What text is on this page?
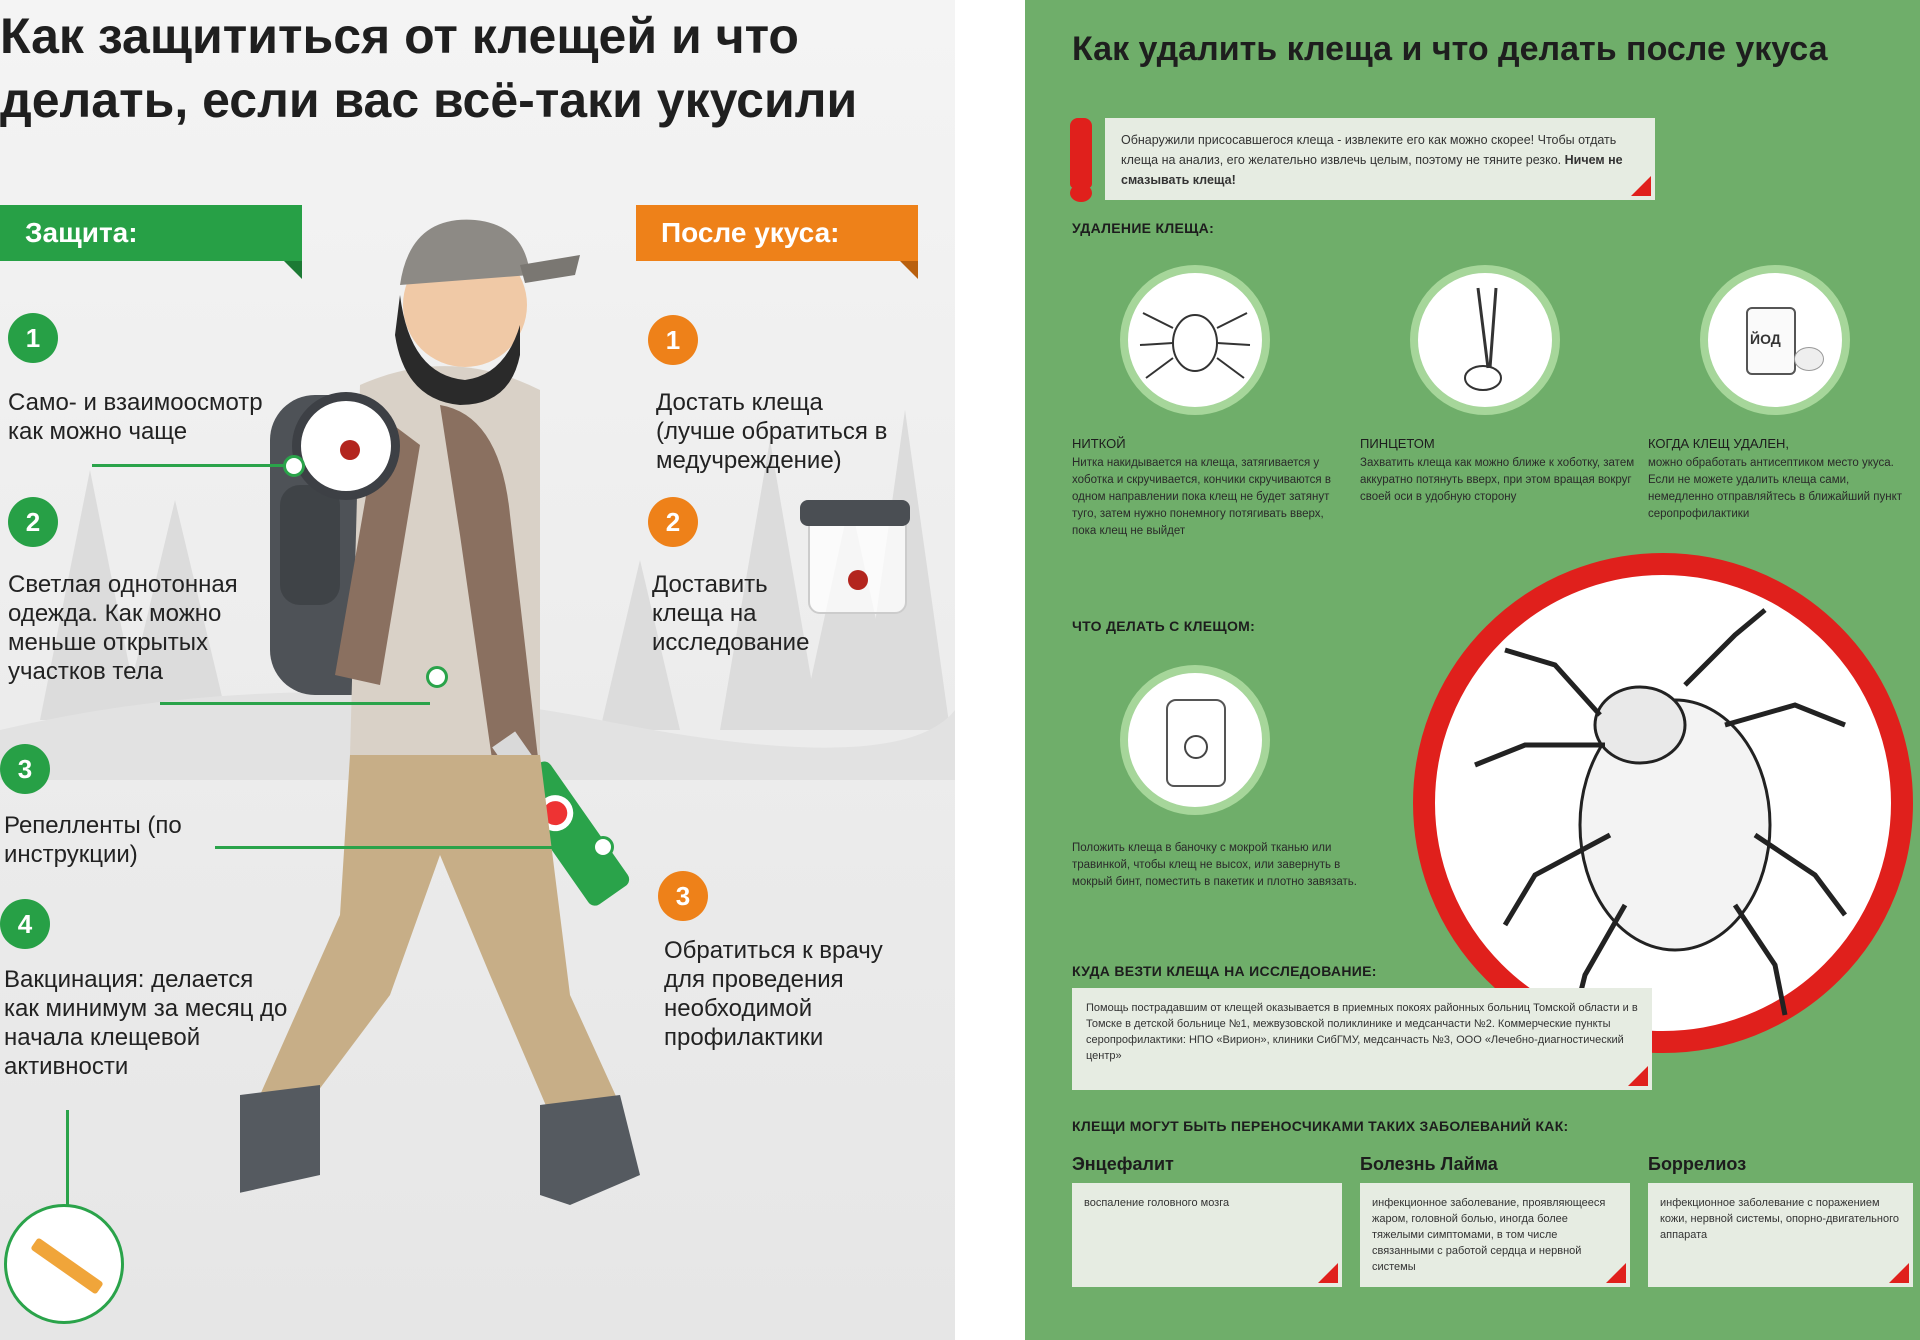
Как защититься от клещей и что делать, если вас всё-таки укусили
Защита:	После укуса:
1
2
3
4

Само- и взаимоосмотр как можно чаще

Светлая однотонная одежда. Как можно меньше открытых участков тела

Репелленты (по инструкции)

Вакцинация: делается как минимум за месяц до начала клещевой активности

1
2
3

Достать клеща (лучше обратиться в медучреждение)

Доставить клеща на исследование

Обратиться к врачу для проведения необходимой профилактики

Как удалить клеща и что делать после укуса
Обнаружили присосавшегося клеща - извлеките его как можно скорее! Чтобы отдать клеща на анализ, его желательно извлечь целым, поэтому не тяните резко. Ничем не смазывать клеща!

УДАЛЕНИЕ КЛЕЩА:

ЙОД

НИТКОЙ

Нитка накидывается на клеща, затягивается у хоботка и скручивается, кончики скручиваются в одном направлении пока клещ не будет затянут туго, затем нужно понемногу потягивать вверх, пока клещ не выйдет

ПИНЦЕТОМ

Захватить клеща как можно ближе к хоботку, затем аккуратно потянуть вверх, при этом вращая вокруг своей оси в удобную сторону

КОГДА КЛЕЩ УДАЛЕН,

можно обработать антисептиком место укуса. Если не можете удалить клеща сами, немедленно отправляйтесь в ближайший пункт серопрофилактики

ЧТО ДЕЛАТЬ С КЛЕЩОМ:

Положить клеща в баночку с мокрой тканью или травинкой, чтобы клещ не высох, или завернуть в мокрый бинт, поместить в пакетик и плотно завязать.

КУДА ВЕЗТИ КЛЕЩА НА ИССЛЕДОВАНИЕ:

Помощь пострадавшим от клещей оказывается в приемных покоях районных больниц Томской области и в Томске в детской больнице №1, межвузовской поликлинике и медсанчасти №2. Коммерческие пункты серопрофилактики: НПО «Вирион», клиники СибГМУ, медсанчасть №3, ООО «Лечебно-диагностический центр»

КЛЕЩИ МОГУТ БЫТЬ ПЕРЕНОСЧИКАМИ ТАКИХ ЗАБОЛЕВАНИЙ КАК:

Энцефалит	Болезнь Лайма	Боррелиоз

воспаление головного мозга	инфекционное заболевание, проявляющееся жаром, головной болью, иногда более тяжелыми симптомами, в том числе связанными с работой сердца и нервной системы
инфекционное заболевание с поражением кожи, нервной системы, опорно-двигательного аппарата
